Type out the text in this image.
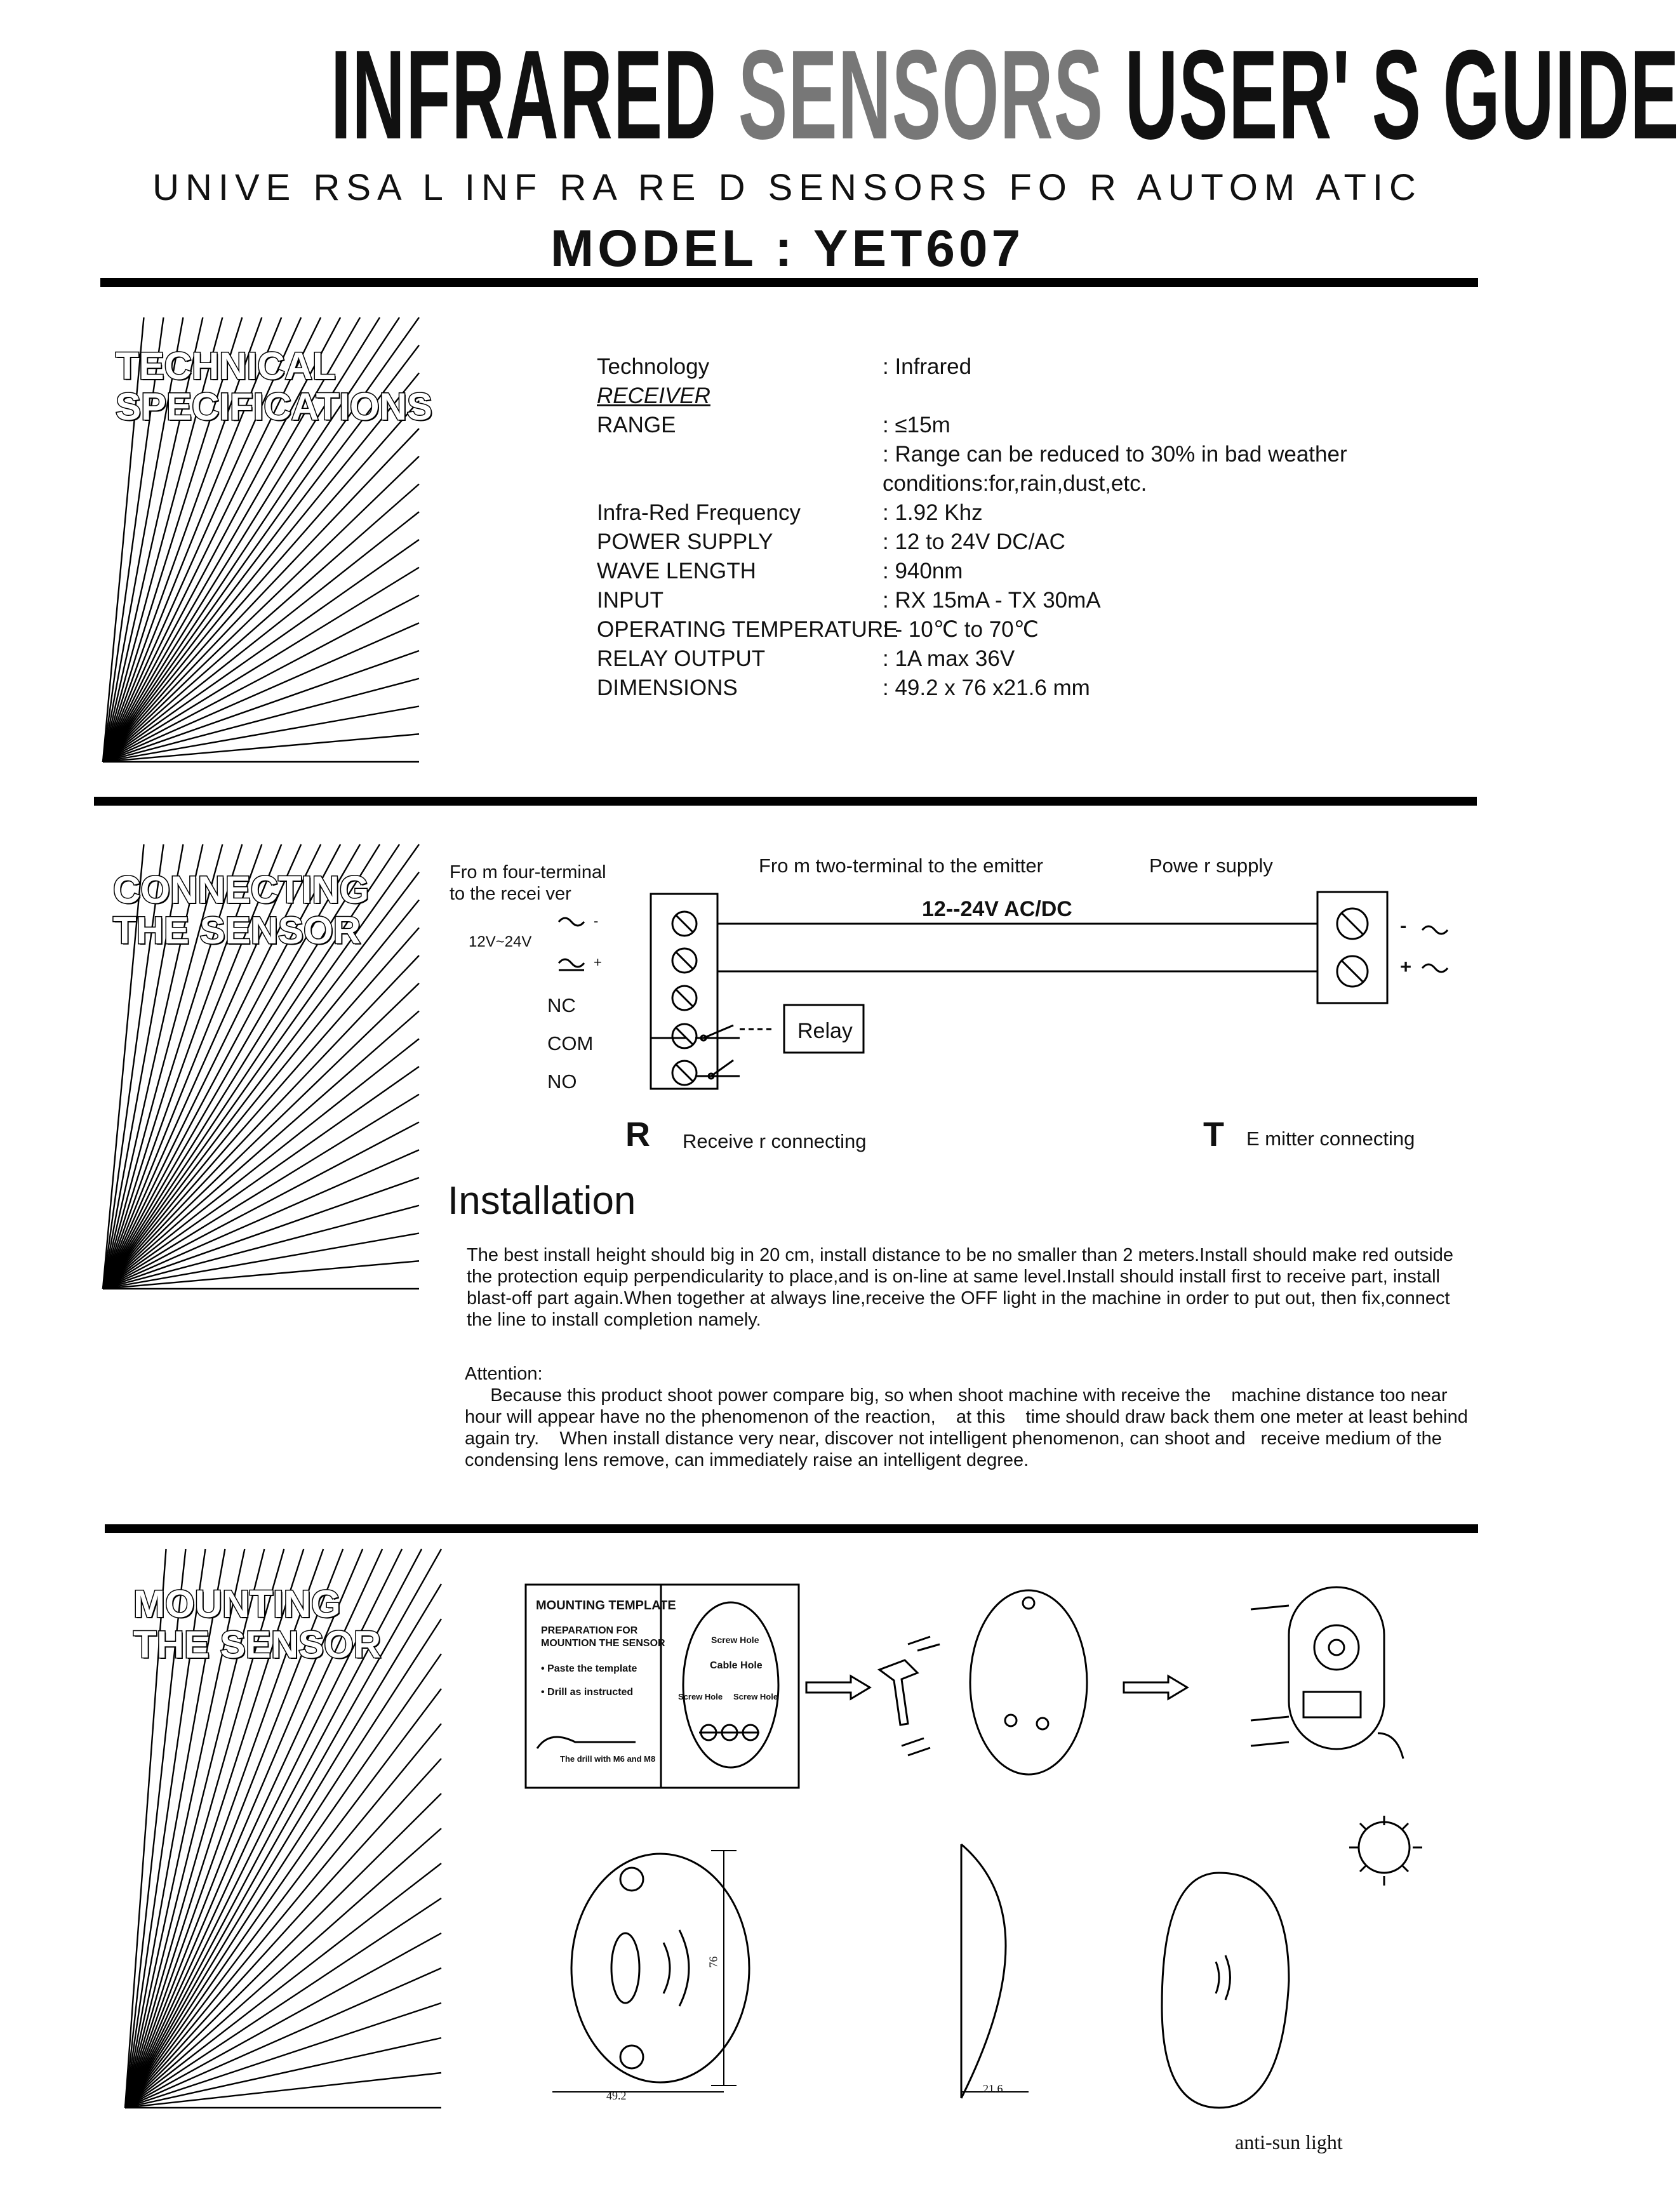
INFRARED SENSORS USER' S GUIDE
UNIVE RSA L INF RA RE D SENSORS FO R AUTOM ATIC
MODEL : YET607
TECHNICAL
SPECIFICATIONS
Technology	: Infrared
RECEIVER
RANGE	: ≤15m
: Range can be reduced to 30% in bad weather
conditions:for,rain,dust,etc.
Infra-Red Frequency	: 1.92 Khz
POWER SUPPLY	: 12 to 24V DC/AC
WAVE LENGTH	: 940nm
INPUT	: RX 15mA - TX 30mA
OPERATING TEMPERATURE
: - 10℃ to 70℃
RELAY OUTPUT	: 1A max 36V
DIMENSIONS	: 49.2 x 76 x21.6 mm
CONNECTING
THE SENSOR
Fro m four-terminal
to the recei ver
Fro m two-terminal to the emitter	Powe r supply
12--24V AC/DC
12V~24V
NC
COM
NO
-
+
-
+
Relay
R Receive r connecting	T E mitter connecting
Installation
The best install height should big in 20 cm, install distance to be no smaller than 2 meters.Install should make red outside the protection equip perpendicularity to place,and is on-line at same level.Install should install first to receive part, install blast-off part again.When together at always line,receive the OFF light in the machine in order to put out, then fix,connect the line to install completion namely.
Attention:
Because this product shoot power compare big, so when shoot machine with receive the    machine distance too near hour will appear have no the phenomenon of the reaction,    at this    time should draw back them one meter at least behind again try.    When install distance very near, discover not intelligent phenomenon, can shoot and   receive medium of the condensing lens remove, can immediately raise an intelligent degree.
MOUNTING
THE SENSOR
MOUNTING TEMPLATE
PREPARATION FOR
MOUNTION THE SENSOR
• Paste the template
• Drill as instructed
The drill with M6 and M8
Screw Hole
Cable Hole
Screw Hole Screw Hole
49.2
76
21.6
anti-sun light
